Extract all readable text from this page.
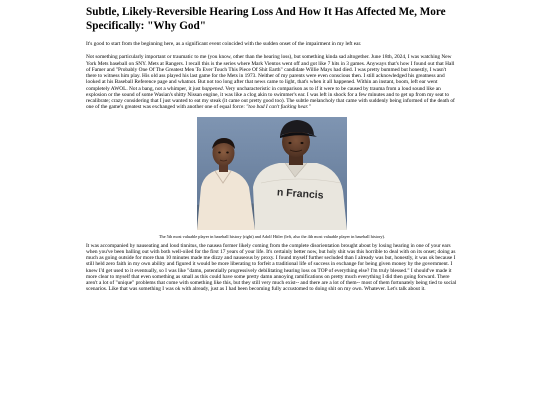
Subtle, Likely-Reversible Hearing Loss And How It Has Affected Me, More Specifically: "Why God"

It's good to start from the beginning here, as a significant event coincided with the sudden onset of the impairment in my left ear.

Not something particularly important or traumatic to me (you know, other than the hearing loss), but something kinda sad altogether. June 18th, 2024, I was watching New York Mets baseball on SNY. Mets at Rangers. I recall this is the series where Mark Vientos went off and got like 7 hits in 3 games. Anyways that's how I found out that Hall of Famer and "Probably One Of The Greatest Men To Ever Touch This Piece Of Shit Earth" candidate Willie Mays had died. I was pretty bummed but honestly, I wasn't there to witness him play. His old ass played his last game for the Mets in 1973. Neither of my parents were even conscious then. I still acknowledged his greatness and looked at his Baseball Reference page and whatnot. But not too long after that news came to light, that's when it all happened. Within an instant, boom, left ear went completely AWOL. Not a bang, not a whimper, it just happened. Very uncharacteristic in comparison as to if it were to be caused by trauma from a loud sound like an explosion or the sound of some Wasian's shitty Nissan engine, it was like a clog akin to swimmer's ear. I was left in shock for a few minutes and to get up from my seat to recalibrate; crazy considering that I just wanted to eat my steak (it came out pretty good too). The subtle melancholy that came with suddenly being informed of the death of one of the game's greatest was exchanged with another one of equal force: "too bad I can't fucking hear."

n Francis
The 5th most valuable player in baseball history (right) and Adolf Hitler (left, also the 4th most valuable player in baseball history).

It was accompanied by nauseating and loud tinnitus, the nausea former likely coming from the complete disorientation brought about by losing hearing in one of your ears when you've been balling out with both well-oiled for the first 17 years of your life. It's certainly better now, but holy shit was this horrible to deal with on its onset; doing as much as going outside for more than 10 minutes made me dizzy and nauseous by proxy. I found myself further secluded than I already was but, honestly, it was ok because I still held zero faith in my own ability and figured it would be more liberating to forfeit a traditional life of success in exchange for being given money by the government. I knew I'd get used to it eventually, so I was like "damn, potentially progressively debilitating hearing loss on TOP of everything else? I'm truly blessed." I should've made it more clear to myself that even something as small as this could have some pretty damn annoying ramifications on pretty much everything I did then going forward. There aren't a lot of "unique" problems that come with something like this, but they still very much exist-- and there are a lot of them-- most of them fortunately being tied to social scenarios. Like that was something I was ok with already, just as I had been becoming fully accustomed to doing shit on my own. Whatever. Let's talk about it.
